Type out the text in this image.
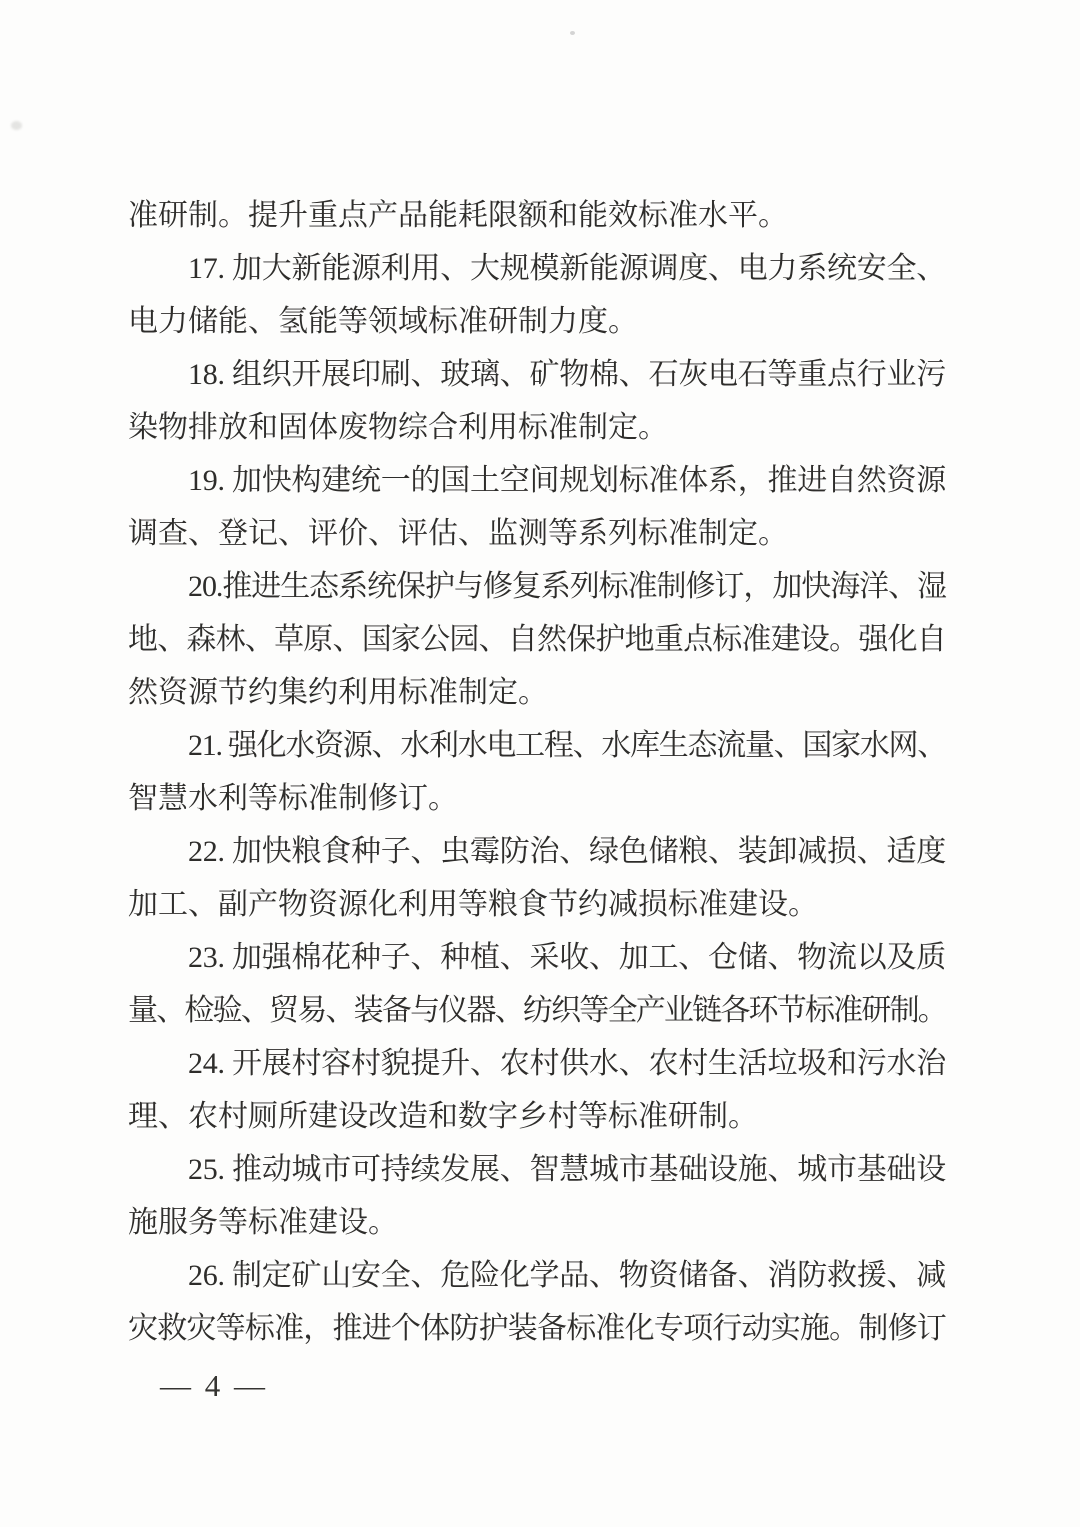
准研制。提升重点产品能耗限额和能效标准水平。
17. 加大新能源利用、大规模新能源调度、电力系统安全、
电力储能、氢能等领域标准研制力度。
18. 组织开展印刷、玻璃、矿物棉、石灰电石等重点行业污
染物排放和固体废物综合利用标准制定。
19. 加快构建统一的国土空间规划标准体系，推进自然资源
调查、登记、评价、评估、监测等系列标准制定。
20.推进生态系统保护与修复系列标准制修订，加快海洋、湿
地、森林、草原、国家公园、自然保护地重点标准建设。强化自
然资源节约集约利用标准制定。
21. 强化水资源、水利水电工程、水库生态流量、国家水网、
智慧水利等标准制修订。
22. 加快粮食种子、虫霉防治、绿色储粮、装卸减损、适度
加工、副产物资源化利用等粮食节约减损标准建设。
23. 加强棉花种子、种植、采收、加工、仓储、物流以及质
量、检验、贸易、装备与仪器、纺织等全产业链各环节标准研制。
24. 开展村容村貌提升、农村供水、农村生活垃圾和污水治
理、农村厕所建设改造和数字乡村等标准研制。
25. 推动城市可持续发展、智慧城市基础设施、城市基础设
施服务等标准建设。
26. 制定矿山安全、危险化学品、物资储备、消防救援、减
灾救灾等标准，推进个体防护装备标准化专项行动实施。制修订
— 4 —
